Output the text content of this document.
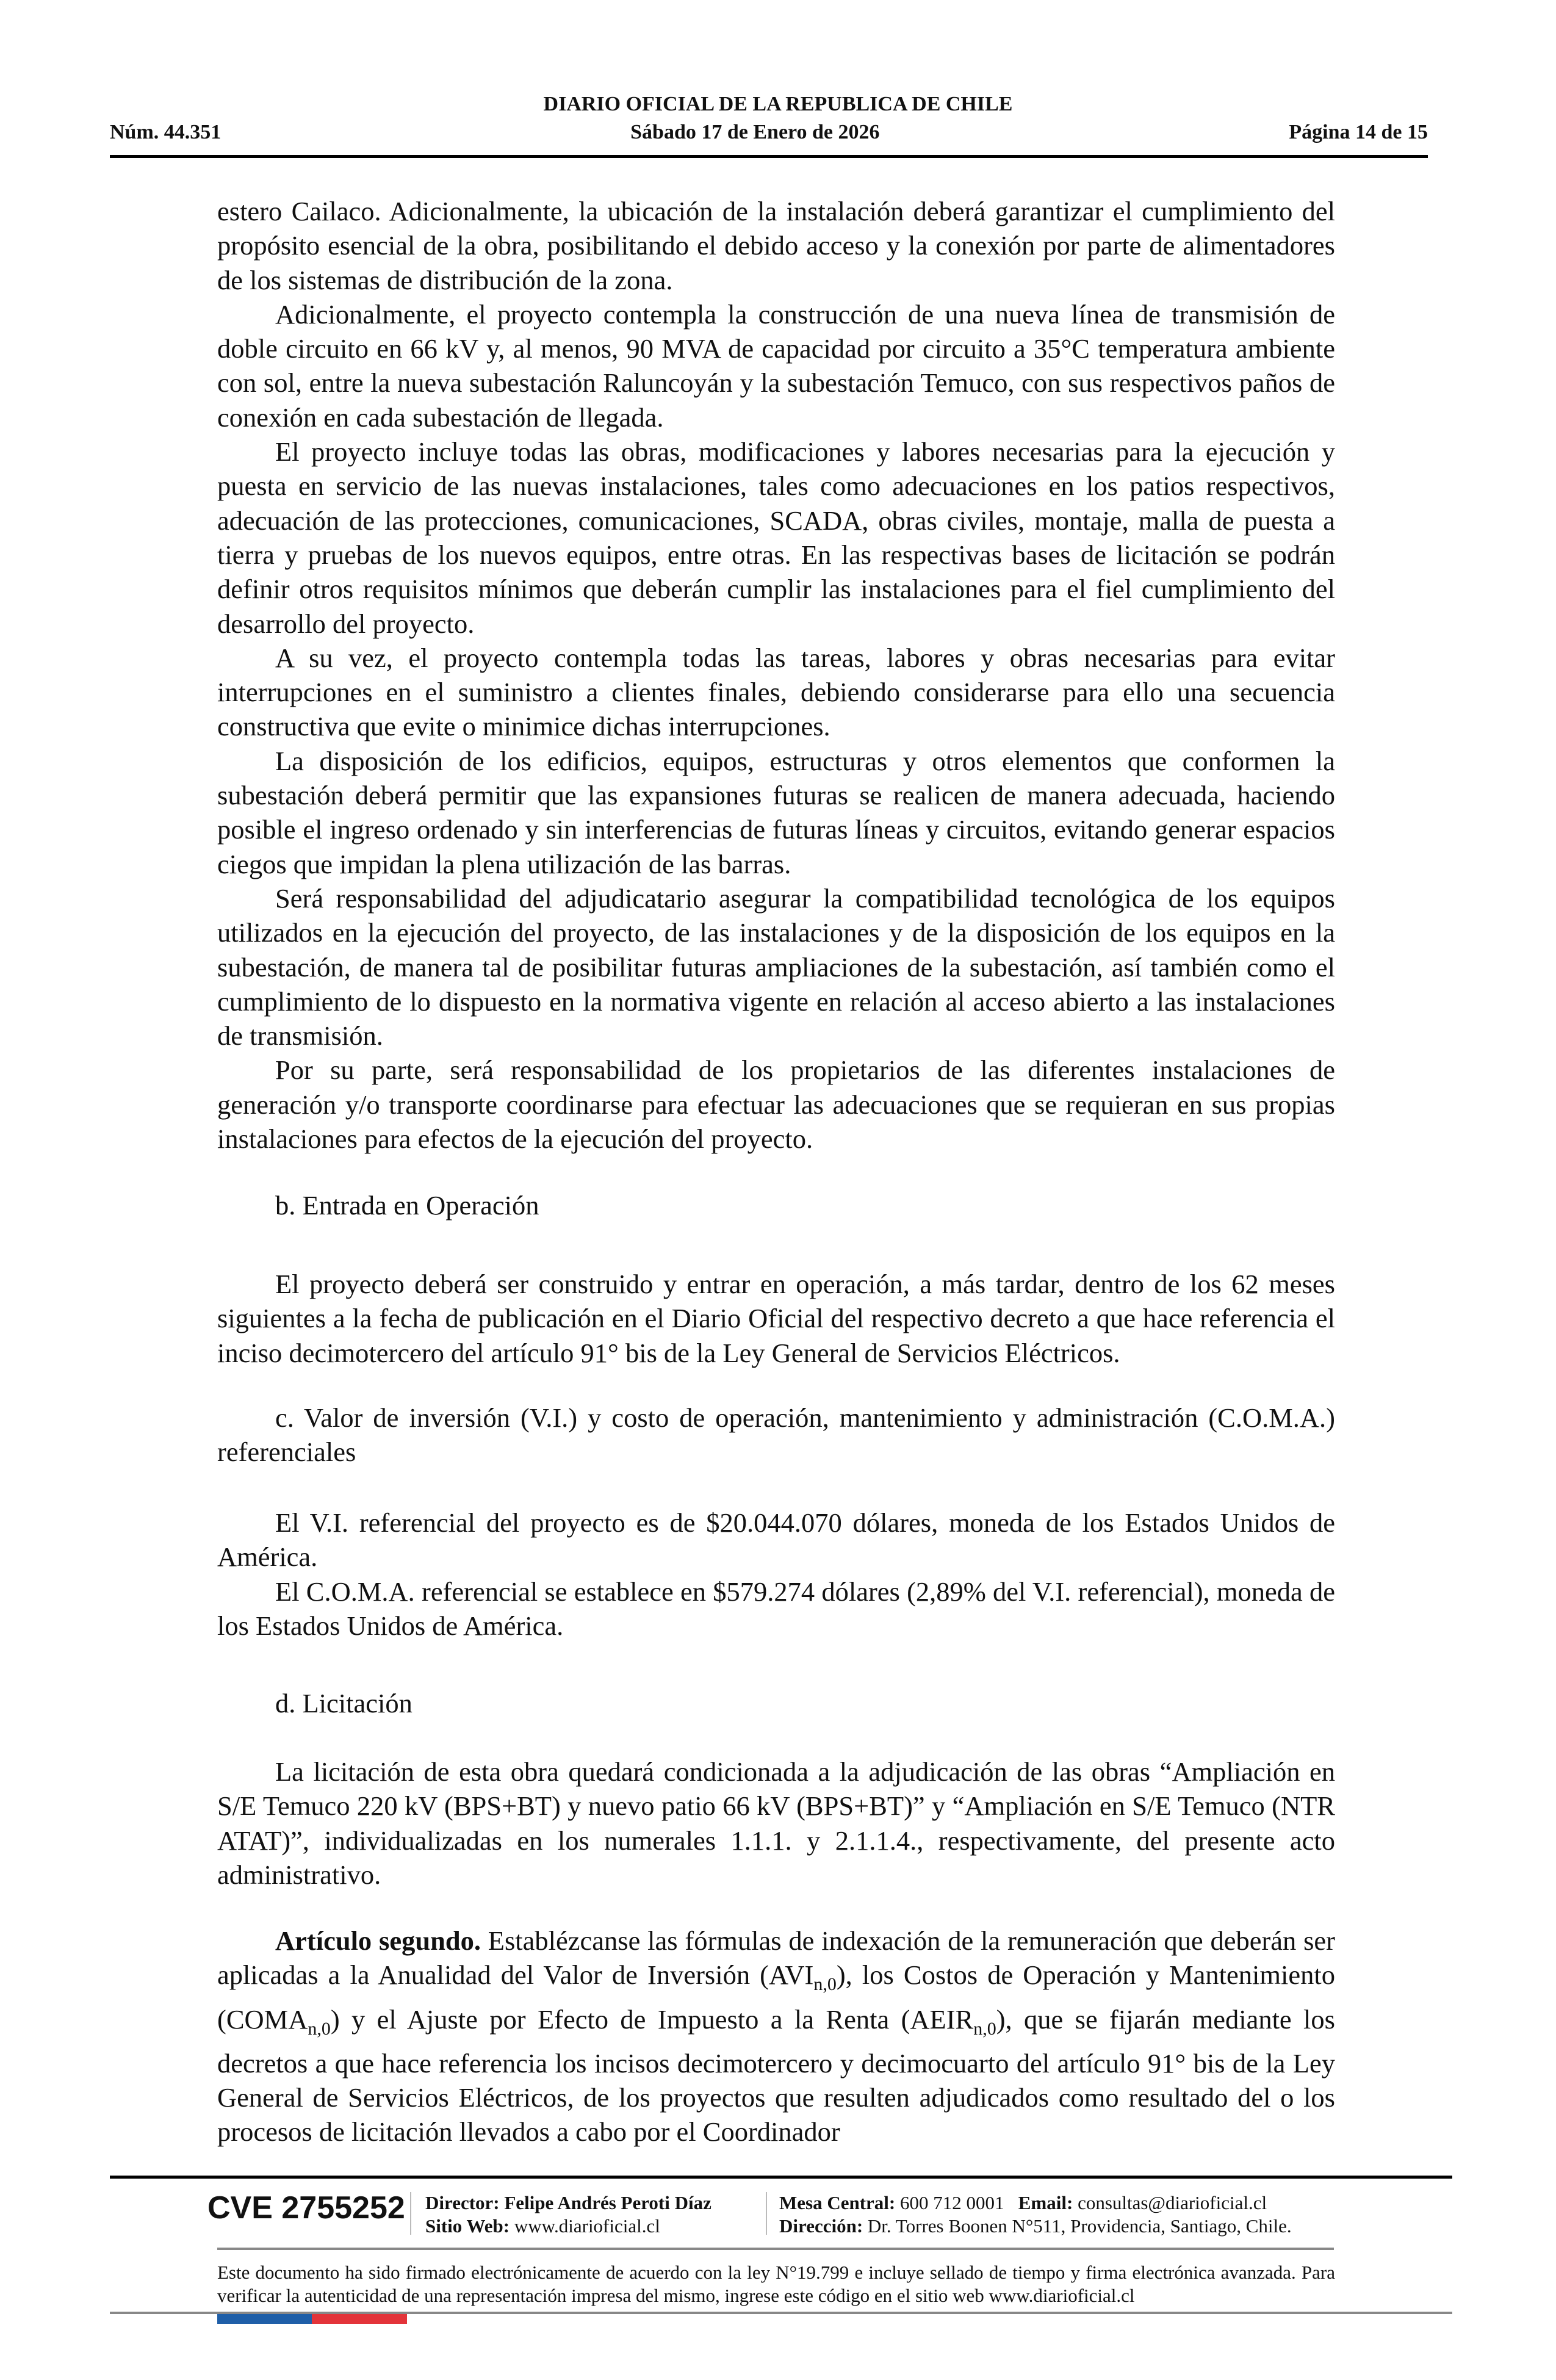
DIARIO OFICIAL DE LA REPUBLICA DE CHILE
Núm. 44.351	Sábado 17 de Enero de 2026	Página 14 de 15

estero Cailaco. Adicionalmente, la ubicación de la instalación deberá garantizar el cumplimiento del propósito esencial de la obra, posibilitando el debido acceso y la conexión por parte de alimentadores de los sistemas de distribución de la zona.

Adicionalmente, el proyecto contempla la construcción de una nueva línea de transmisión de doble circuito en 66 kV y, al menos, 90 MVA de capacidad por circuito a 35°C temperatura ambiente con sol, entre la nueva subestación Raluncoyán y la subestación Temuco, con sus respectivos paños de conexión en cada subestación de llegada.

El proyecto incluye todas las obras, modificaciones y labores necesarias para la ejecución y puesta en servicio de las nuevas instalaciones, tales como adecuaciones en los patios respectivos, adecuación de las protecciones, comunicaciones, SCADA, obras civiles, montaje, malla de puesta a tierra y pruebas de los nuevos equipos, entre otras. En las respectivas bases de licitación se podrán definir otros requisitos mínimos que deberán cumplir las instalaciones para el fiel cumplimiento del desarrollo del proyecto.

A su vez, el proyecto contempla todas las tareas, labores y obras necesarias para evitar interrupciones en el suministro a clientes finales, debiendo considerarse para ello una secuencia constructiva que evite o minimice dichas interrupciones.

La disposición de los edificios, equipos, estructuras y otros elementos que conformen la subestación deberá permitir que las expansiones futuras se realicen de manera adecuada, haciendo posible el ingreso ordenado y sin interferencias de futuras líneas y circuitos, evitando generar espacios ciegos que impidan la plena utilización de las barras.

Será responsabilidad del adjudicatario asegurar la compatibilidad tecnológica de los equipos utilizados en la ejecución del proyecto, de las instalaciones y de la disposición de los equipos en la subestación, de manera tal de posibilitar futuras ampliaciones de la subestación, así también como el cumplimiento de lo dispuesto en la normativa vigente en relación al acceso abierto a las instalaciones de transmisión.

Por su parte, será responsabilidad de los propietarios de las diferentes instalaciones de generación y/o transporte coordinarse para efectuar las adecuaciones que se requieran en sus propias instalaciones para efectos de la ejecución del proyecto.

b. Entrada en Operación

El proyecto deberá ser construido y entrar en operación, a más tardar, dentro de los 62 meses siguientes a la fecha de publicación en el Diario Oficial del respectivo decreto a que hace referencia el inciso decimotercero del artículo 91° bis de la Ley General de Servicios Eléctricos.

c. Valor de inversión (V.I.) y costo de operación, mantenimiento y administración (C.O.M.A.) referenciales

El V.I. referencial del proyecto es de $20.044.070 dólares, moneda de los Estados Unidos de América.

El C.O.M.A. referencial se establece en $579.274 dólares (2,89% del V.I. referencial), moneda de los Estados Unidos de América.

d. Licitación

La licitación de esta obra quedará condicionada a la adjudicación de las obras “Ampliación en S/E Temuco 220 kV (BPS+BT) y nuevo patio 66 kV (BPS+BT)” y “Ampliación en S/E Temuco (NTR ATAT)”, individualizadas en los numerales 1.1.1. y 2.1.1.4., respectivamente, del presente acto administrativo.

Artículo segundo. Establézcanse las fórmulas de indexación de la remuneración que deberán ser aplicadas a la Anualidad del Valor de Inversión $(AVI_{n,0})$, los Costos de Operación y Mantenimiento $(COMA_{n,0})$ y el Ajuste por Efecto de Impuesto a la Renta $(AEIR_{n,0})$, que se fijarán mediante los decretos a que hace referencia los incisos decimotercero y decimocuarto del artículo 91° bis de la Ley General de Servicios Eléctricos, de los proyectos que resulten adjudicados como resultado del o los procesos de licitación llevados a cabo por el Coordinador

CVE 2755252 Director: Felipe Andrés Peroti Díaz
Sitio Web: www.diarioficial.cl
Mesa Central: 600 712 0001 Email: consultas@diarioficial.cl
Dirección: Dr. Torres Boonen N°511, Providencia, Santiago, Chile.
Este documento ha sido firmado electrónicamente de acuerdo con la ley N°19.799 e incluye sellado de tiempo y firma electrónica avanzada. Para verificar la autenticidad de una representación impresa del mismo, ingrese este código en el sitio web www.diarioficial.cl
